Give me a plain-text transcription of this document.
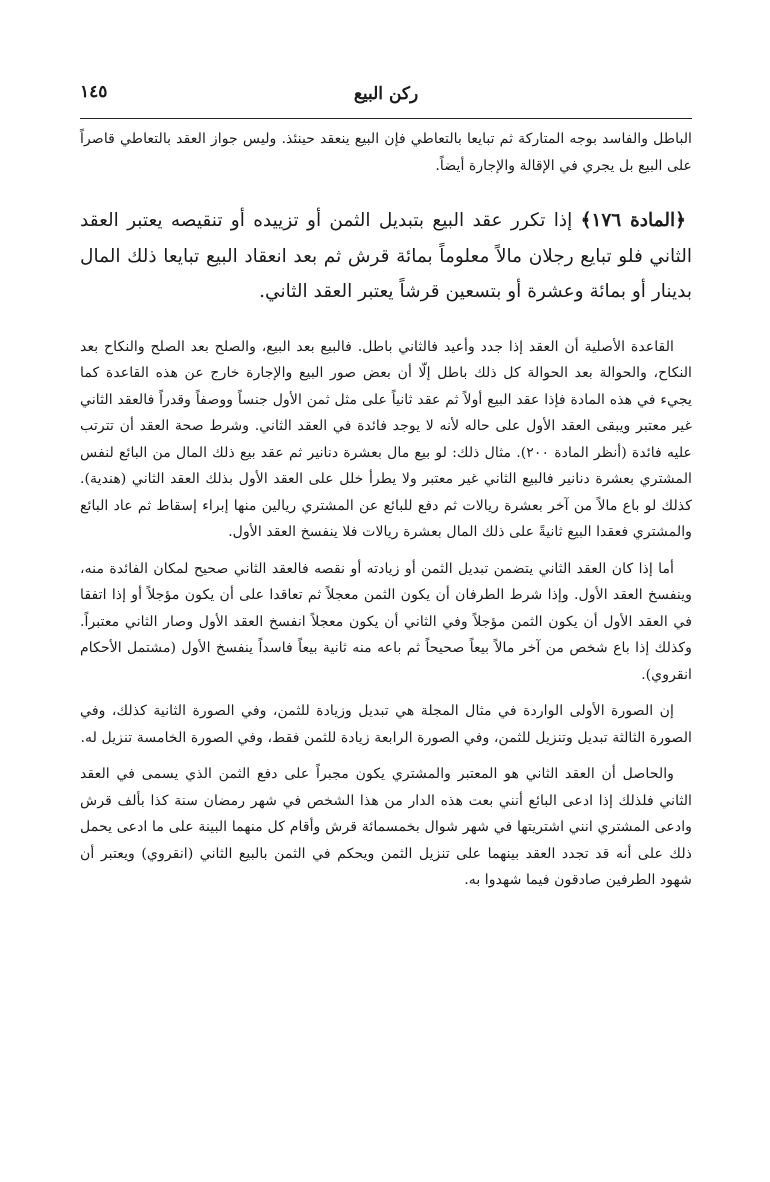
ركن البيع
١٤٥

الباطل والفاسد بوجه المتاركة ثم تبايعا بالتعاطي فإن البيع ينعقد حينئذ. وليس جواز العقد بالتعاطي قاصراً على البيع بل يجري في الإقالة والإجارة أيضاً.

﴿المادة ١٧٦﴾ إذا تكرر عقد البيع بتبديل الثمن أو تزييده أو تنقيصه يعتبر العقد الثاني فلو تبايع رجلان مالاً معلوماً بمائة قرش ثم بعد انعقاد البيع تبايعا ذلك المال بدينار أو بمائة وعشرة أو بتسعين قرشاً يعتبر العقد الثاني.

القاعدة الأصلية أن العقد إذا جدد وأعيد فالثاني باطل. فالبيع بعد البيع، والصلح بعد الصلح والنكاح بعد النكاح، والحوالة بعد الحوالة كل ذلك باطل إلّا أن بعض صور البيع والإجارة خارج عن هذه القاعدة كما يجيء في هذه المادة فإذا عقد البيع أولاً ثم عقد ثانياً على مثل ثمن الأول جنساً ووصفاً وقدراً فالعقد الثاني غير معتبر ويبقى العقد الأول على حاله لأنه لا يوجد فائدة في العقد الثاني. وشرط صحة العقد أن تترتب عليه فائدة (أنظر المادة ٢٠٠). مثال ذلك: لو بيع مال بعشرة دنانير ثم عقد بيع ذلك المال من البائع لنفس المشتري بعشرة دنانير فالبيع الثاني غير معتبر ولا يطرأ خلل على العقد الأول بذلك العقد الثاني (هندية). كذلك لو باع مالاً من آخر بعشرة ريالات ثم دفع للبائع عن المشتري ريالين منها إبراء إسقاط ثم عاد البائع والمشتري فعقدا البيع ثانيةً على ذلك المال بعشرة ريالات فلا ينفسخ العقد الأول.

أما إذا كان العقد الثاني يتضمن تبديل الثمن أو زيادته أو نقصه فالعقد الثاني صحيح لمكان الفائدة منه، وينفسخ العقد الأول. وإذا شرط الطرفان أن يكون الثمن معجلاً ثم تعاقدا على أن يكون مؤجلاً أو إذا اتفقا في العقد الأول أن يكون الثمن مؤجلاً وفي الثاني أن يكون معجلاً انفسخ العقد الأول وصار الثاني معتبراً. وكذلك إذا باع شخص من آخر مالاً بيعاً صحيحاً ثم باعه منه ثانية بيعاً فاسداً ينفسخ الأول (مشتمل الأحكام انقروي).

إن الصورة الأولى الواردة في مثال المجلة هي تبديل وزيادة للثمن، وفي الصورة الثانية كذلك، وفي الصورة الثالثة تبديل وتنزيل للثمن، وفي الصورة الرابعة زيادة للثمن فقط، وفي الصورة الخامسة تنزيل له.

والحاصل أن العقد الثاني هو المعتبر والمشتري يكون مجبراً على دفع الثمن الذي يسمى في العقد الثاني فلذلك إذا ادعى البائع أنني بعت هذه الدار من هذا الشخص في شهر رمضان سنة كذا بألف قرش وادعى المشتري انني اشتريتها في شهر شوال بخمسمائة قرش وأقام كل منهما البينة على ما ادعى يحمل ذلك على أنه قد تجدد العقد بينهما على تنزيل الثمن ويحكم في الثمن بالبيع الثاني (انقروي) ويعتبر أن شهود الطرفين صادقون فيما شهدوا به.
